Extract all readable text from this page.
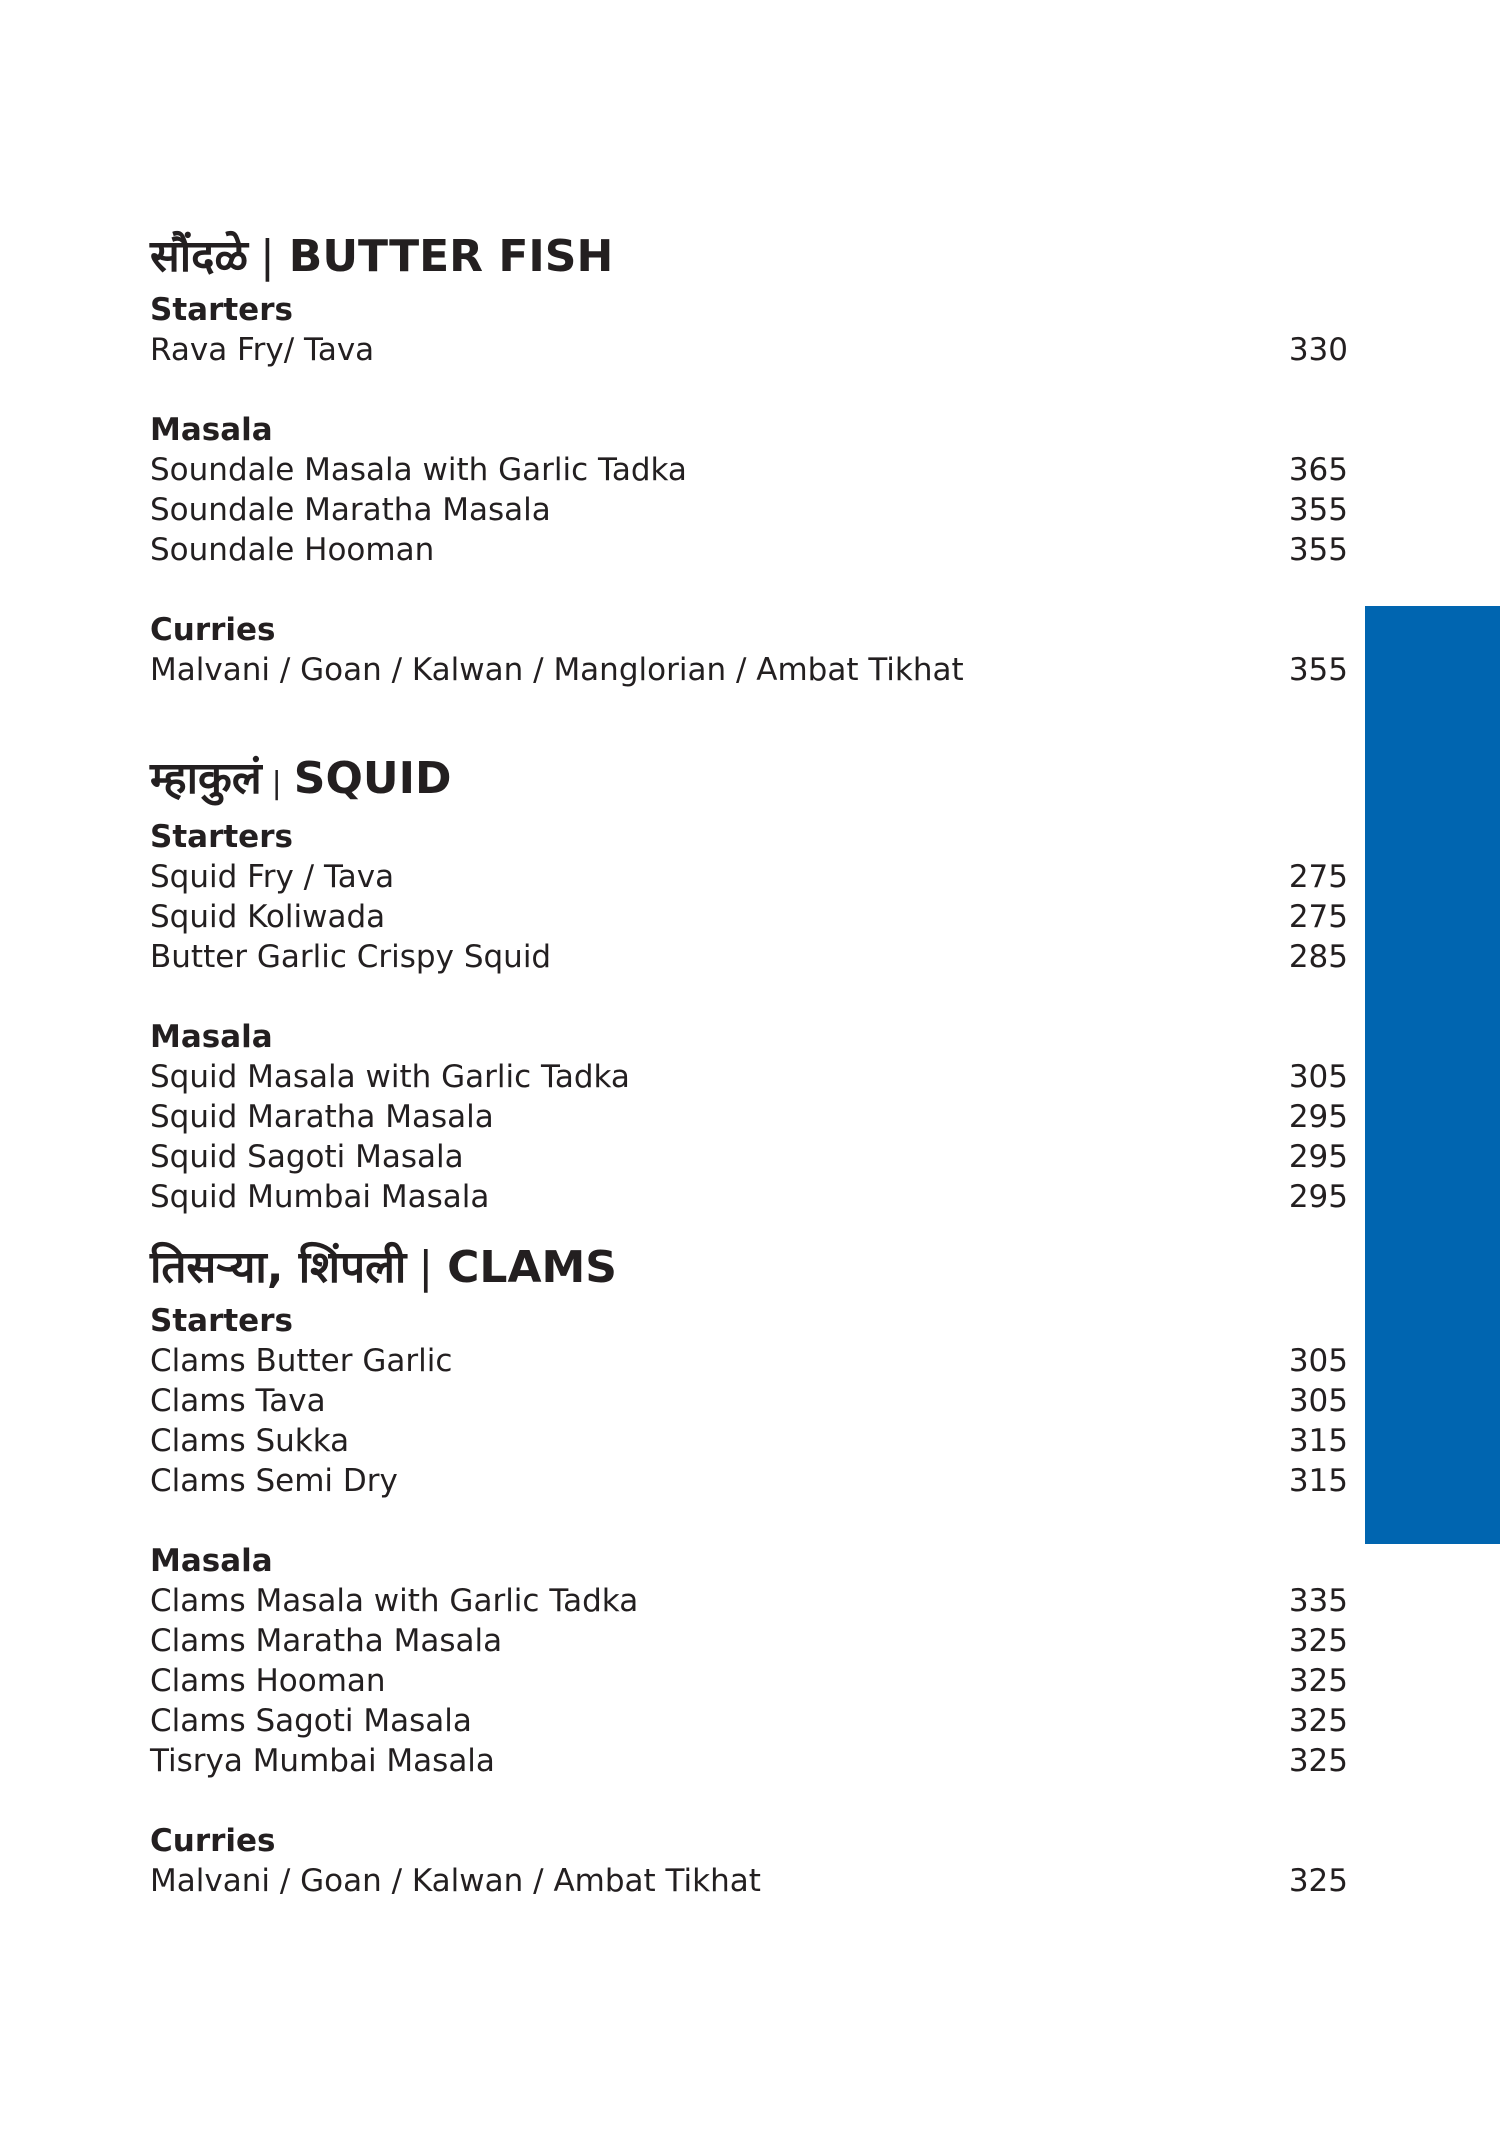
सौंदळे | BUTTER FISH
Starters
Rava Fry/ Tava	330
Masala
Soundale Masala with Garlic Tadka	365
Soundale Maratha Masala	355
Soundale Hooman	355
Curries
Malvani / Goan / Kalwan / Manglorian / Ambat Tikhat	355
म्हाकुलं | SQUID
Starters
Squid Fry / Tava	275
Squid Koliwada	275
Butter Garlic Crispy Squid	285
Masala
Squid Masala with Garlic Tadka	305
Squid Maratha Masala	295
Squid Sagoti Masala	295
Squid Mumbai Masala	295
तिसऱ्या, शिंपली | CLAMS
Starters
Clams Butter Garlic	305
Clams Tava	305
Clams Sukka	315
Clams Semi Dry	315
Masala
Clams Masala with Garlic Tadka	335
Clams Maratha Masala	325
Clams Hooman	325
Clams Sagoti Masala	325
Tisrya Mumbai Masala	325
Curries
Malvani / Goan / Kalwan / Ambat Tikhat	325
